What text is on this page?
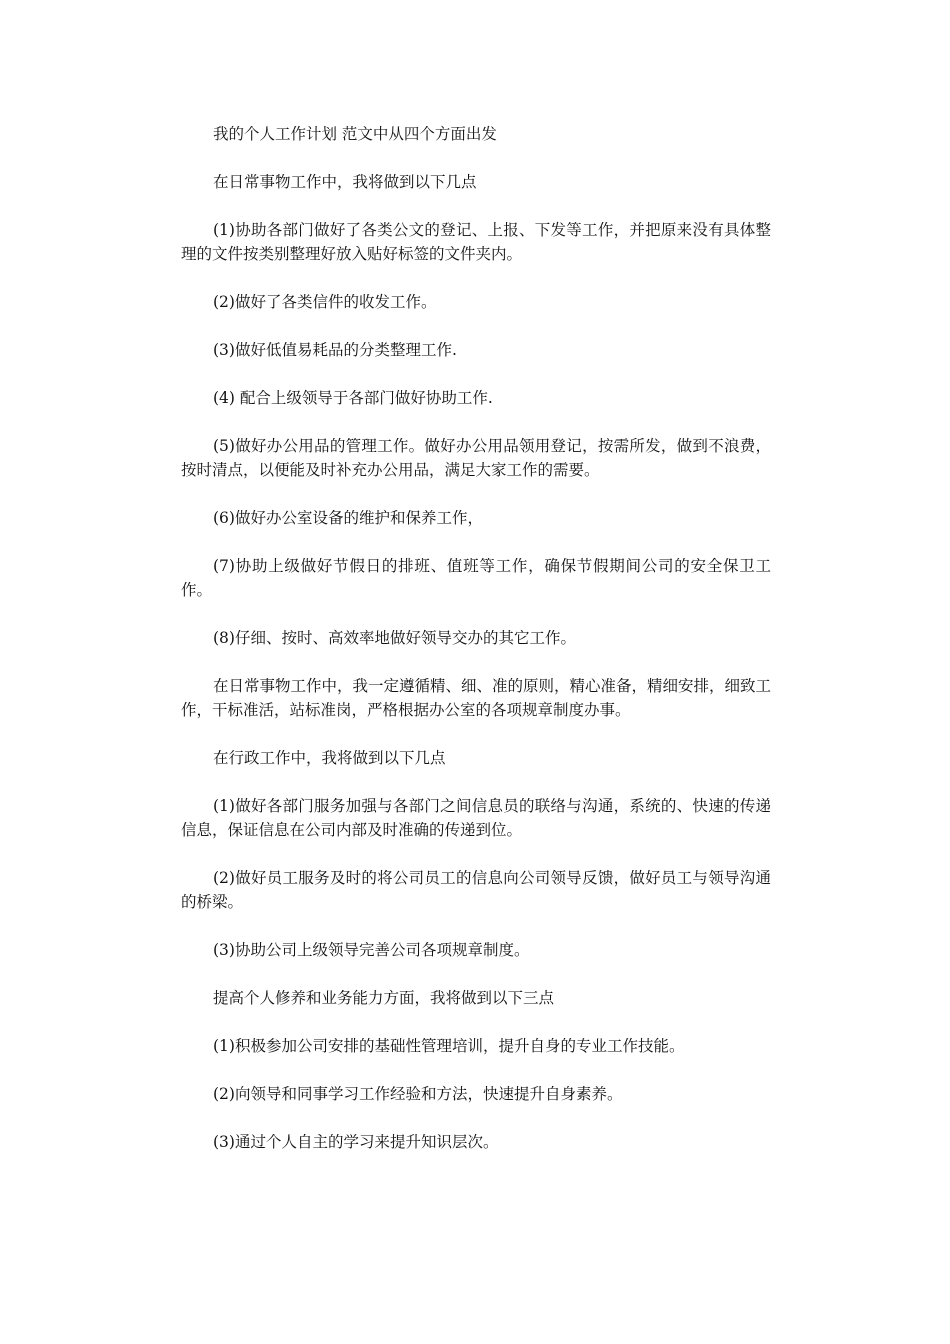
我的个人工作计划 范文中从四个方面出发

在日常事物工作中，我将做到以下几点

(1)协助各部门做好了各类公文的登记、上报、下发等工作，并把原来没有具体整理的文件按类别整理好放入贴好标签的文件夹内。

(2)做好了各类信件的收发工作。

(3)做好低值易耗品的分类整理工作.

(4) 配合上级领导于各部门做好协助工作.

(5)做好办公用品的管理工作。做好办公用品领用登记，按需所发，做到不浪费，按时清点，以便能及时补充办公用品，满足大家工作的需要。

(6)做好办公室设备的维护和保养工作，

(7)协助上级做好节假日的排班、值班等工作，确保节假期间公司的安全保卫工作。

(8)仔细、按时、高效率地做好领导交办的其它工作。

在日常事物工作中，我一定遵循精、细、准的原则，精心准备，精细安排，细致工作，干标准活，站标准岗，严格根据办公室的各项规章制度办事。

在行政工作中，我将做到以下几点

(1)做好各部门服务加强与各部门之间信息员的联络与沟通，系统的、快速的传递信息，保证信息在公司内部及时准确的传递到位。

(2)做好员工服务及时的将公司员工的信息向公司领导反馈，做好员工与领导沟通的桥梁。

(3)协助公司上级领导完善公司各项规章制度。

提高个人修养和业务能力方面，我将做到以下三点

(1)积极参加公司安排的基础性管理培训，提升自身的专业工作技能。

(2)向领导和同事学习工作经验和方法，快速提升自身素养。

(3)通过个人自主的学习来提升知识层次。
